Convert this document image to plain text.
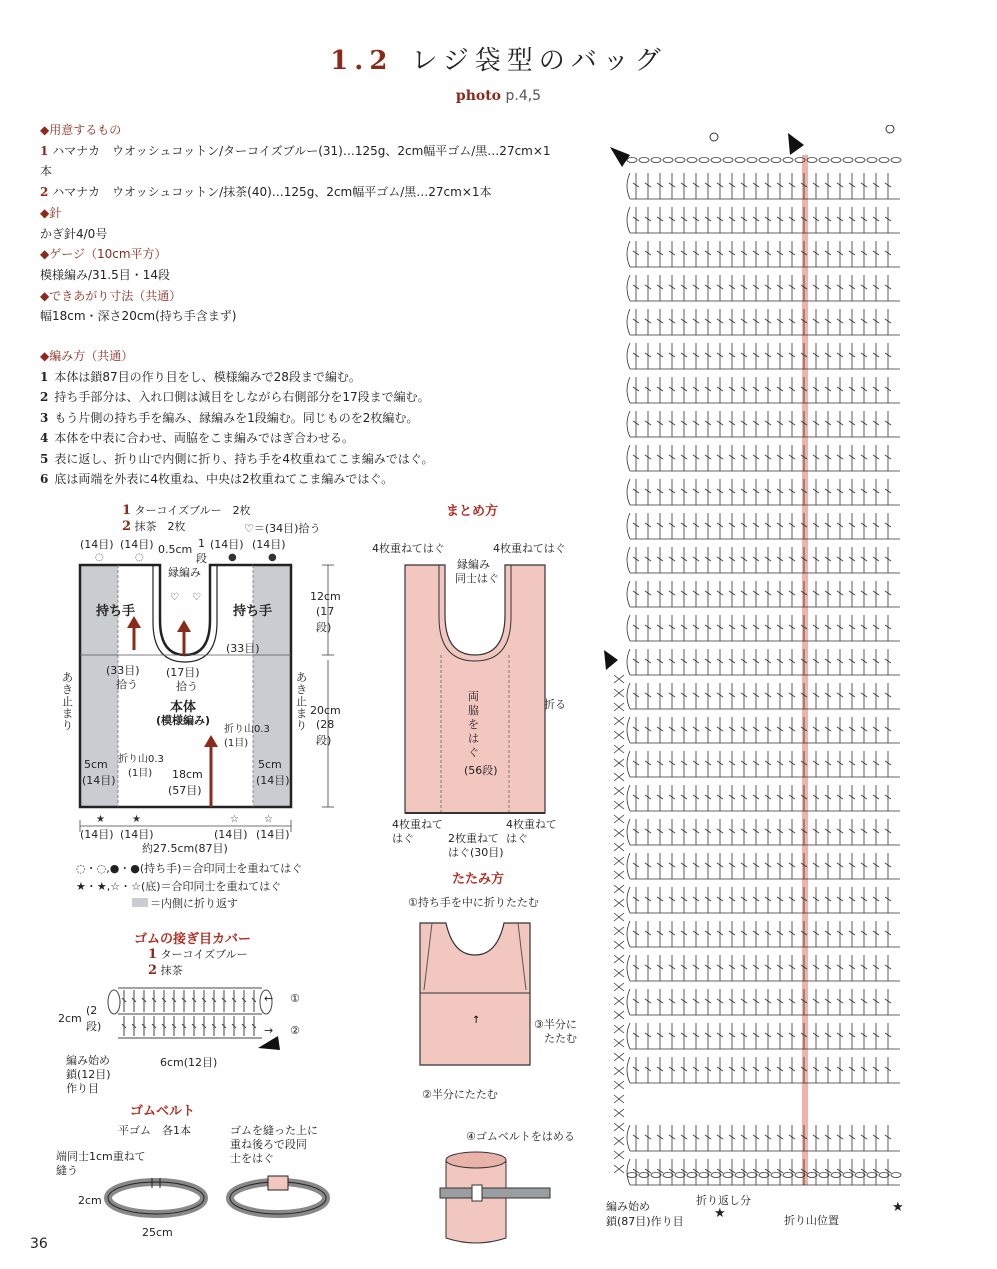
1.2 レジ袋型のバッグ
photo p.4,5
◆用意するもの
1 ハマナカ　ウオッシュコットン/ターコイズブルー(31)…125g、2cm幅平ゴム/黒…27cm×1
本
2 ハマナカ　ウオッシュコットン/抹茶(40)…125g、2cm幅平ゴム/黒…27cm×1本
◆針
かぎ針4/0号
◆ゲージ（10cm平方）
模様編み/31.5目・14段
◆できあがり寸法（共通）
幅18cm・深さ20cm(持ち手含まず)
◆編み方（共通）
1 本体は鎖87目の作り目をし、模様編みで28段まで編む。
2 持ち手部分は、入れ口側は減目をしながら右側部分を17段まで編む。
3 もう片側の持ち手を編み、縁編みを1段編む。同じものを2枚編む。
4 本体を中表に合わせ、両脇をこま編みではぎ合わせる。
5 表に返し、折り山で内側に折り、持ち手を4枚重ねてこま編みではぐ。
6 底は両端を外表に4枚重ね、中央は2枚重ねてこま編みではぐ。
1 ターコイズブルー　2枚
2 抹茶　2枚	♡＝(34目)拾う
◌	◌	●	●
♡ ♡
★	★	☆	☆
(14目) (14目)	(14目) (14目)
0.5cm 1
段
縁編み
持ち手	持ち手
12cm
(17
段)
(33目)
(33目)
拾う
(17目)
拾う
本体
(模様編み)
あき止まり
あき止まり
折り山0.3
(1目)
折り山0.3
(1目)
20cm
(28
段)
18cm
(57目)
5cm
(14目)
5cm
(14目)
(14目) (14目)	(14目) (14目)
約27.5cm(87目)
◌・◌,●・●(持ち手)＝合印同士を重ねてはぐ
★・★,☆・☆(底)＝合印同士を重ねてはぐ
＝内側に折り返す
まとめ方
4枚重ねてはぐ	4枚重ねてはぐ
縁編み
同士はぐ
両脇をはぐ
(56段)
折る
4枚重ねて
はぐ	2枚重ねて
はぐ(30目)
4枚重ねて
はぐ
たたみ方
①持ち手を中に折りたたむ
↑	③半分に
たたむ
②半分にたたむ
④ゴムベルトをはめる
ゴムの接ぎ目カバー
1 ターコイズブルー
2 抹茶
①
②
←
→
2cm
(2
段)
編み始め
鎖(12目)
作り目
6cm(12目)
ゴムベルト
平ゴム　各1本
端同士1cm重ねて
縫う
ゴムを縫った上に
重ね後ろで段同
士をはぐ
2cm
25cm
編み始め
鎖(87目)作り目
折り返し分
折り山位置
★	★
36
